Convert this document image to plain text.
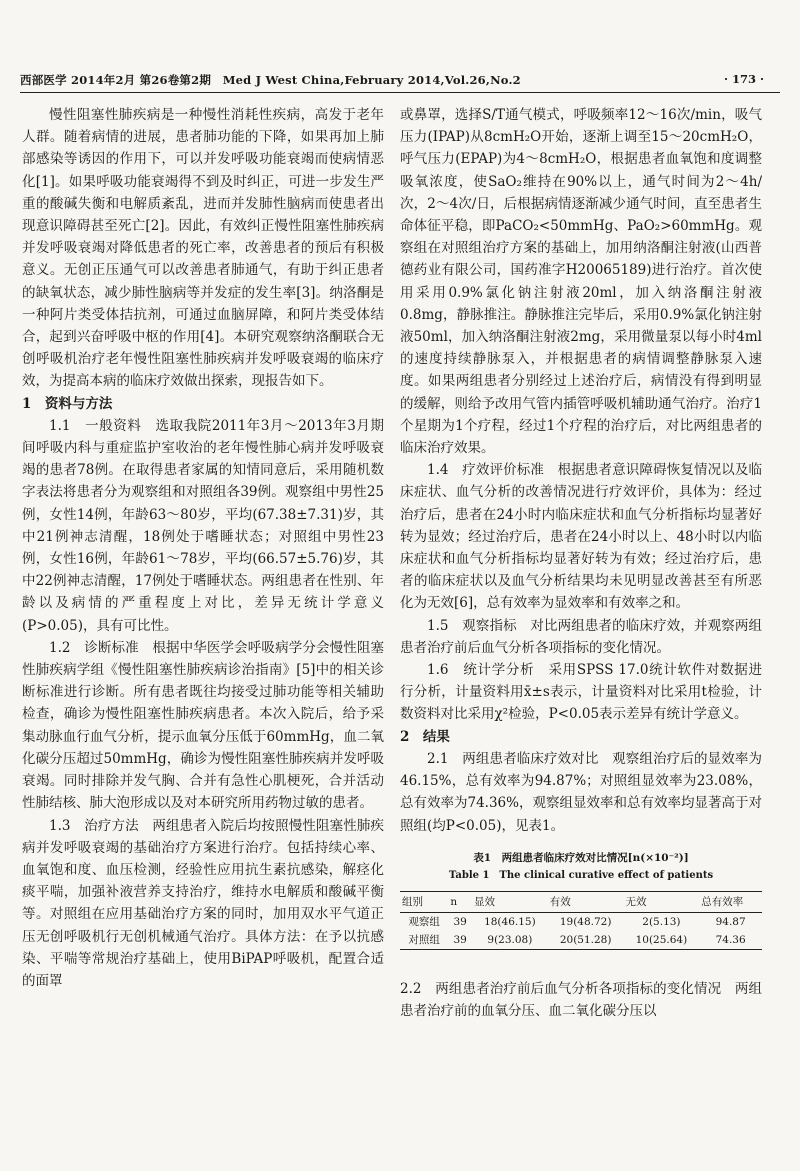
西部医学 2014年2月 第26卷第2期　Med J West China,February 2014,Vol.26,No.2	· 173 ·

慢性阻塞性肺疾病是一种慢性消耗性疾病，高发于老年人群。随着病情的进展，患者肺功能的下降，如果再加上肺部感染等诱因的作用下，可以并发呼吸功能衰竭而使病情恶化[1]。如果呼吸功能衰竭得不到及时纠正，可进一步发生严重的酸碱失衡和电解质紊乱，进而并发肺性脑病而使患者出现意识障碍甚至死亡[2]。因此，有效纠正慢性阻塞性肺疾病并发呼吸衰竭对降低患者的死亡率，改善患者的预后有积极意义。无创正压通气可以改善患者肺通气，有助于纠正患者的缺氧状态，减少肺性脑病等并发症的发生率[3]。纳洛酮是一种阿片类受体拮抗剂，可通过血脑屏障，和阿片类受体结合，起到兴奋呼吸中枢的作用[4]。本研究观察纳洛酮联合无创呼吸机治疗老年慢性阻塞性肺疾病并发呼吸衰竭的临床疗效，为提高本病的临床疗效做出探索，现报告如下。

1　资料与方法

1.1　一般资料　选取我院2011年3月～2013年3月期间呼吸内科与重症监护室收治的老年慢性肺心病并发呼吸衰竭的患者78例。在取得患者家属的知情同意后，采用随机数字表法将患者分为观察组和对照组各39例。观察组中男性25例，女性14例，年龄63～80岁，平均(67.38±7.31)岁，其中21例神志清醒，18例处于嗜睡状态；对照组中男性23例，女性16例，年龄61～78岁，平均(66.57±5.76)岁，其中22例神志清醒，17例处于嗜睡状态。两组患者在性别、年龄以及病情的严重程度上对比，差异无统计学意义(P>0.05)，具有可比性。

1.2　诊断标准　根据中华医学会呼吸病学分会慢性阻塞性肺疾病学组《慢性阻塞性肺疾病诊治指南》[5]中的相关诊断标准进行诊断。所有患者既往均接受过肺功能等相关辅助检查，确诊为慢性阻塞性肺疾病患者。本次入院后，给予采集动脉血行血气分析，提示血氧分压低于60mmHg，血二氧化碳分压超过50mmHg，确诊为慢性阻塞性肺疾病并发呼吸衰竭。同时排除并发气胸、合并有急性心肌梗死，合并活动性肺结核、肺大泡形成以及对本研究所用药物过敏的患者。

1.3　治疗方法　两组患者入院后均按照慢性阻塞性肺疾病并发呼吸衰竭的基础治疗方案进行治疗。包括持续心率、血氧饱和度、血压检测，经验性应用抗生素抗感染，解痉化痰平喘，加强补液营养支持治疗，维持水电解质和酸碱平衡等。对照组在应用基础治疗方案的同时，加用双水平气道正压无创呼吸机行无创机械通气治疗。具体方法：在予以抗感染、平喘等常规治疗基础上，使用BiPAP呼吸机，配置合适的面罩

或鼻罩，选择S/T通气模式，呼吸频率12～16次/min，吸气压力(IPAP)从8cmH₂O开始，逐渐上调至15～20cmH₂O，呼气压力(EPAP)为4～8cmH₂O，根据患者血氧饱和度调整吸氧浓度，使SaO₂维持在90%以上，通气时间为2～4h/次，2～4次/日，后根据病情逐渐减少通气时间，直至患者生命体征平稳，即PaCO₂<50mmHg、PaO₂>60mmHg。观察组在对照组治疗方案的基础上，加用纳洛酮注射液(山西普德药业有限公司，国药准字H20065189)进行治疗。首次使用采用0.9%氯化钠注射液20ml，加入纳洛酮注射液0.8mg，静脉推注。静脉推注完毕后，采用0.9%氯化钠注射液50ml，加入纳洛酮注射液2mg，采用微量泵以每小时4ml的速度持续静脉泵入，并根据患者的病情调整静脉泵入速度。如果两组患者分别经过上述治疗后，病情没有得到明显的缓解，则给予改用气管内插管呼吸机辅助通气治疗。治疗1个星期为1个疗程，经过1个疗程的治疗后，对比两组患者的临床治疗效果。

1.4　疗效评价标准　根据患者意识障碍恢复情况以及临床症状、血气分析的改善情况进行疗效评价，具体为：经过治疗后，患者在24小时内临床症状和血气分析指标均显著好转为显效；经过治疗后，患者在24小时以上、48小时以内临床症状和血气分析指标均显著好转为有效；经过治疗后，患者的临床症状以及血气分析结果均未见明显改善甚至有所恶化为无效[6]，总有效率为显效率和有效率之和。

1.5　观察指标　对比两组患者的临床疗效，并观察两组患者治疗前后血气分析各项指标的变化情况。

1.6　统计学分析　采用SPSS 17.0统计软件对数据进行分析，计量资料用x̄±s表示，计量资料对比采用t检验，计数资料对比采用χ²检验，P<0.05表示差异有统计学意义。

2　结果

2.1　两组患者临床疗效对比　观察组治疗后的显效率为46.15%，总有效率为94.87%；对照组显效率为23.08%，总有效率为74.36%，观察组显效率和总有效率均显著高于对照组(均P<0.05)，见表1。

表1　两组患者临床疗效对比情况[n(×10⁻²)]
Table 1　The clinical curative effect of patients
组别	n	显效	有效	无效	总有效率
观察组	39	18(46.15)	19(48.72)	2(5.13)	94.87
对照组	39	9(23.08)	20(51.28)	10(25.64)	74.36

2.2　两组患者治疗前后血气分析各项指标的变化情况　两组患者治疗前的血氧分压、血二氧化碳分压以
